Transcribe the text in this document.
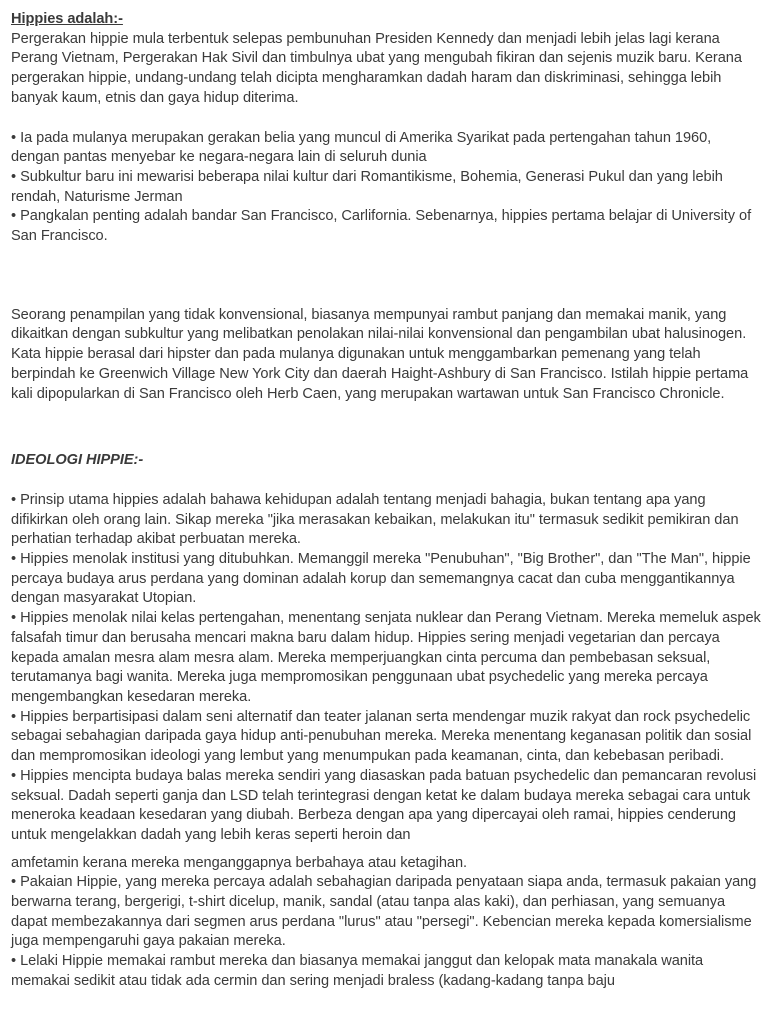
Hippies adalah:-

Pergerakan hippie mula terbentuk selepas pembunuhan Presiden Kennedy dan menjadi lebih jelas lagi kerana Perang Vietnam, Pergerakan Hak Sivil dan timbulnya ubat yang mengubah fikiran dan sejenis muzik baru. Kerana pergerakan hippie, undang-undang telah dicipta mengharamkan dadah haram dan diskriminasi, sehingga lebih banyak kaum, etnis dan gaya hidup diterima.

• Ia pada mulanya merupakan gerakan belia yang muncul di Amerika Syarikat pada pertengahan tahun 1960, dengan pantas menyebar ke negara-negara lain di seluruh dunia
• Subkultur baru ini mewarisi beberapa nilai kultur dari Romantikisme, Bohemia, Generasi Pukul dan yang lebih rendah, Naturisme Jerman
• Pangkalan penting adalah bandar San Francisco, Carlifornia. Sebenarnya, hippies pertama belajar di University of San Francisco.

Seorang penampilan yang tidak konvensional, biasanya mempunyai rambut panjang dan memakai manik, yang dikaitkan dengan subkultur yang melibatkan penolakan nilai-nilai konvensional dan pengambilan ubat halusinogen.

Kata hippie berasal dari hipster dan pada mulanya digunakan untuk menggambarkan pemenang yang telah berpindah ke Greenwich Village New York City dan daerah Haight-Ashbury di San Francisco. Istilah hippie pertama kali dipopularkan di San Francisco oleh Herb Caen, yang merupakan wartawan untuk San Francisco Chronicle.

IDEOLOGI HIPPIE:-

• Prinsip utama hippies adalah bahawa kehidupan adalah tentang menjadi bahagia, bukan tentang apa yang difikirkan oleh orang lain. Sikap mereka "jika merasakan kebaikan, melakukan itu" termasuk sedikit pemikiran dan perhatian terhadap akibat perbuatan mereka.
• Hippies menolak institusi yang ditubuhkan. Memanggil mereka "Penubuhan", "Big Brother", dan "The Man", hippie percaya budaya arus perdana yang dominan adalah korup dan sememangnya cacat dan cuba menggantikannya dengan masyarakat Utopian.
• Hippies menolak nilai kelas pertengahan, menentang senjata nuklear dan Perang Vietnam. Mereka memeluk aspek falsafah timur dan berusaha mencari makna baru dalam hidup. Hippies sering menjadi vegetarian dan percaya kepada amalan mesra alam mesra alam. Mereka memperjuangkan cinta percuma dan pembebasan seksual, terutamanya bagi wanita. Mereka juga mempromosikan penggunaan ubat psychedelic yang mereka percaya mengembangkan kesedaran mereka.
• Hippies berpartisipasi dalam seni alternatif dan teater jalanan serta mendengar muzik rakyat dan rock psychedelic sebagai sebahagian daripada gaya hidup anti-penubuhan mereka. Mereka menentang keganasan politik dan sosial dan mempromosikan ideologi yang lembut yang menumpukan pada keamanan, cinta, dan kebebasan peribadi.
• Hippies mencipta budaya balas mereka sendiri yang diasaskan pada batuan psychedelic dan pemancaran revolusi seksual. Dadah seperti ganja dan LSD telah terintegrasi dengan ketat ke dalam budaya mereka sebagai cara untuk meneroka keadaan kesedaran yang diubah. Berbeza dengan apa yang dipercayai oleh ramai, hippies cenderung untuk mengelakkan dadah yang lebih keras seperti heroin dan

amfetamin kerana mereka menganggapnya berbahaya atau ketagihan.

• Pakaian Hippie, yang mereka percaya adalah sebahagian daripada penyataan siapa anda, termasuk pakaian yang berwarna terang, bergerigi, t-shirt dicelup, manik, sandal (atau tanpa alas kaki), dan perhiasan, yang semuanya dapat membezakannya dari segmen arus perdana "lurus" atau "persegi". Kebencian mereka kepada komersialisme juga mempengaruhi gaya pakaian mereka.
• Lelaki Hippie memakai rambut mereka dan biasanya memakai janggut dan kelopak mata manakala wanita memakai sedikit atau tidak ada cermin dan sering menjadi braless (kadang-kadang tanpa baju
